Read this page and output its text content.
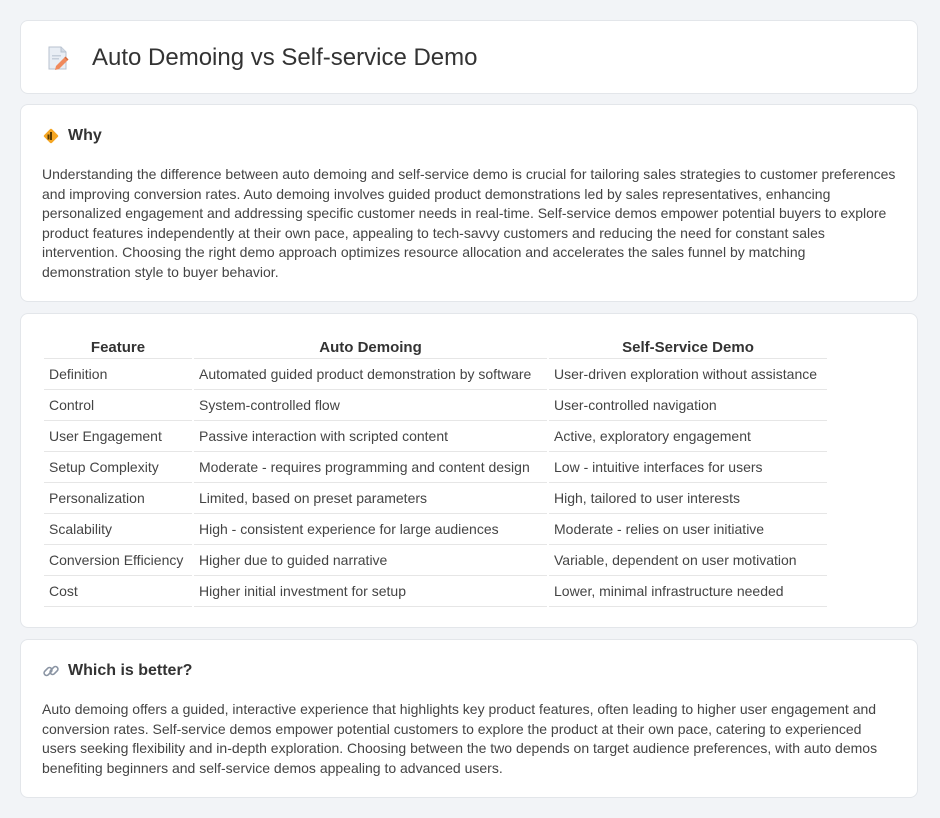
Auto Demoing vs Self-service Demo
Why

Understanding the difference between auto demoing and self-service demo is crucial for tailoring sales strategies to customer preferences and improving conversion rates. Auto demoing involves guided product demonstrations led by sales representatives, enhancing personalized engagement and addressing specific customer needs in real-time. Self-service demos empower potential buyers to explore product features independently at their own pace, appealing to tech-savvy customers and reducing the need for constant sales intervention. Choosing the right demo approach optimizes resource allocation and accelerates the sales funnel by matching demonstration style to buyer behavior.

Feature	Auto Demoing	Self-Service Demo
Definition	Automated guided product demonstration by software	User-driven exploration without assistance
Control	System-controlled flow	User-controlled navigation
User Engagement	Passive interaction with scripted content	Active, exploratory engagement
Setup Complexity	Moderate - requires programming and content design	Low - intuitive interfaces for users
Personalization	Limited, based on preset parameters	High, tailored to user interests
Scalability	High - consistent experience for large audiences	Moderate - relies on user initiative
Conversion Efficiency	Higher due to guided narrative	Variable, dependent on user motivation
Cost	Higher initial investment for setup	Lower, minimal infrastructure needed
Which is better?

Auto demoing offers a guided, interactive experience that highlights key product features, often leading to higher user engagement and conversion rates. Self-service demos empower potential customers to explore the product at their own pace, catering to experienced users seeking flexibility and in-depth exploration. Choosing between the two depends on target audience preferences, with auto demos benefiting beginners and self-service demos appealing to advanced users.
